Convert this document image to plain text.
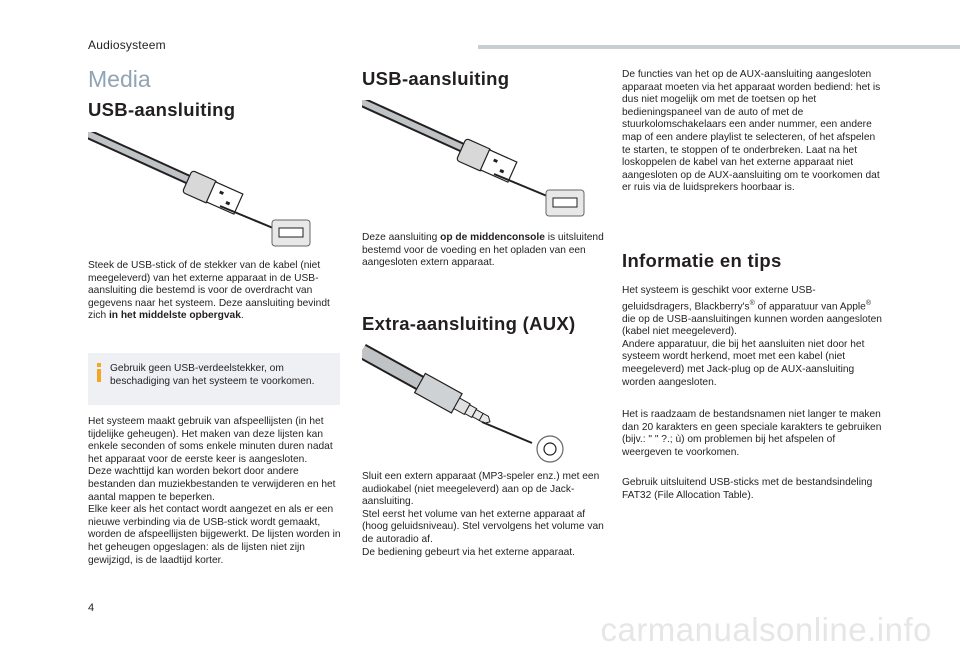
Audiosysteem
Media
USB-aansluiting

Steek de USB-stick of de stekker van de kabel (niet meegeleverd) van het externe apparaat in de USB-aansluiting die bestemd is voor de overdracht van gegevens naar het systeem. Deze aansluiting bevindt zich in het middelste opbergvak.

Gebruik geen USB-verdeelstekker, om beschadiging van het systeem te voorkomen.

Het systeem maakt gebruik van afspeellijsten (in het tijdelijke geheugen). Het maken van deze lijsten kan enkele seconden of soms enkele minuten duren nadat het apparaat voor de eerste keer is aangesloten.
Deze wachttijd kan worden bekort door andere bestanden dan muziekbestanden te verwijderen en het aantal mappen te beperken.
Elke keer als het contact wordt aangezet en als er een nieuwe verbinding via de USB-stick wordt gemaakt, worden de afspeellijsten bijgewerkt. De lijsten worden in het geheugen opgeslagen: als de lijsten niet zijn gewijzigd, is de laadtijd korter.

USB-aansluiting

Deze aansluiting op de middenconsole is uitsluitend bestemd voor de voeding en het opladen van een aangesloten extern apparaat.

Extra-aansluiting (AUX)

Sluit een extern apparaat (MP3-speler enz.) met een audiokabel (niet meegeleverd) aan op de Jack-aansluiting.
Stel eerst het volume van het externe apparaat af (hoog geluidsniveau). Stel vervolgens het volume van de autoradio af.
De bediening gebeurt via het externe apparaat.

De functies van het op de AUX-aansluiting aangesloten apparaat moeten via het apparaat worden bediend: het is dus niet mogelijk om met de toetsen op het bedieningspaneel van de auto of met de stuurkolomschakelaars een ander nummer, een andere map of een andere playlist te selecteren, of het afspelen te starten, te stoppen of te onderbreken. Laat na het loskoppelen de kabel van het externe apparaat niet aangesloten op de AUX-aansluiting om te voorkomen dat er ruis via de luidsprekers hoorbaar is.

Informatie en tips

Het systeem is geschikt voor externe USB-geluidsdragers, Blackberry's® of apparatuur van Apple® die op de USB-aansluitingen kunnen worden aangesloten (kabel niet meegeleverd).
Andere apparatuur, die bij het aansluiten niet door het systeem wordt herkend, moet met een kabel (niet meegeleverd) met Jack-plug op de AUX-aansluiting worden aangesloten.

Het is raadzaam de bestandsnamen niet langer te maken dan 20 karakters en geen speciale karakters te gebruiken (bijv.: " " ?.; ù) om problemen bij het afspelen of weergeven te voorkomen.

Gebruik uitsluitend USB-sticks met de bestandsindeling FAT32 (File Allocation Table).

4
carmanualsonline.info
